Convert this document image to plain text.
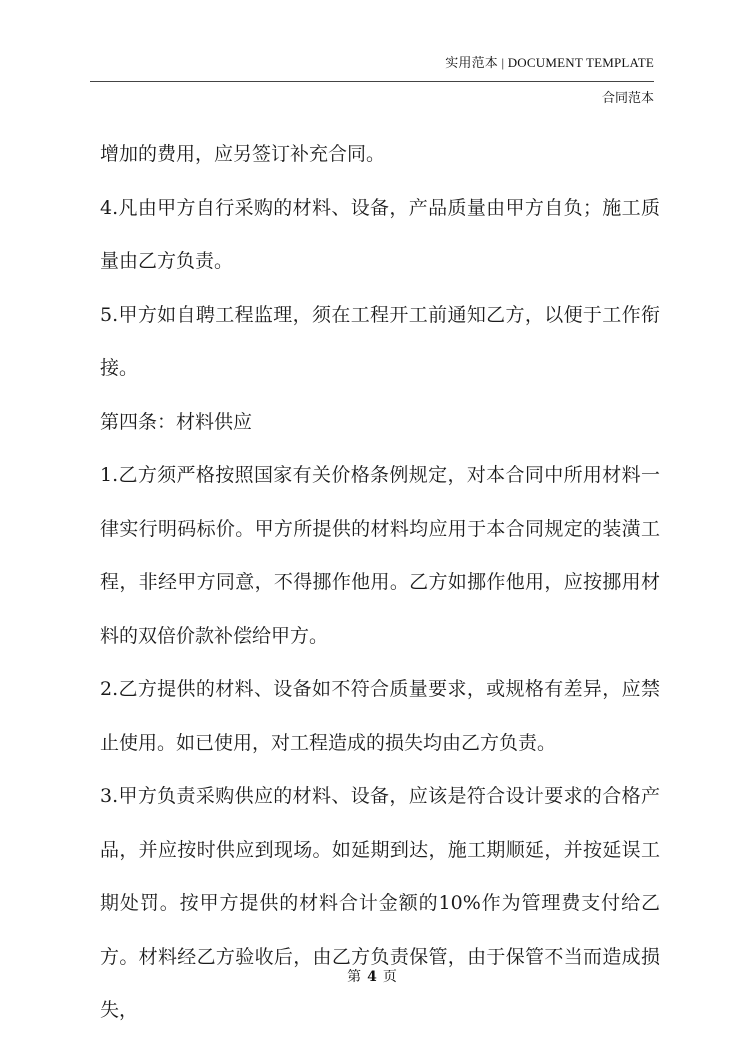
实用范本 | DOCUMENT TEMPLATE
合同范本

增加的费用，应另签订补充合同。

4.凡由甲方自行采购的材料、设备，产品质量由甲方自负；施工质量由乙方负责。

5.甲方如自聘工程监理，须在工程开工前通知乙方，以便于工作衔接。

第四条：材料供应

1.乙方须严格按照国家有关价格条例规定，对本合同中所用材料一律实行明码标价。甲方所提供的材料均应用于本合同规定的装潢工程，非经甲方同意，不得挪作他用。乙方如挪作他用，应按挪用材料的双倍价款补偿给甲方。

2.乙方提供的材料、设备如不符合质量要求，或规格有差异，应禁止使用。如已使用，对工程造成的损失均由乙方负责。

3.甲方负责采购供应的材料、设备，应该是符合设计要求的合格产品，并应按时供应到现场。如延期到达，施工期顺延，并按延误工期处罚。按甲方提供的材料合计金额的10%作为管理费支付给乙方。材料经乙方验收后，由乙方负责保管，由于保管不当而造成损失，

第 4 页
